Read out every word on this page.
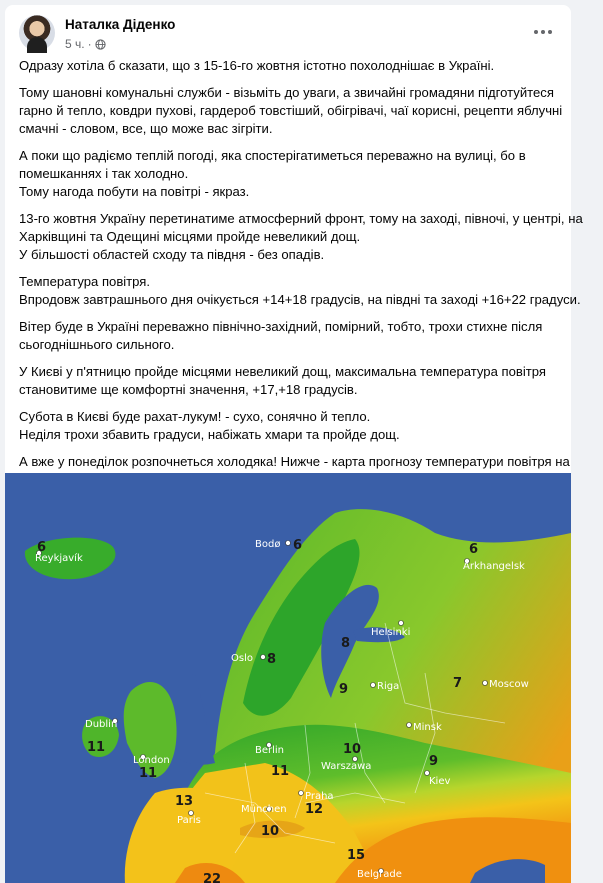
Наталка Діденко
5 ч. ·

Одразу хотіла б сказати, що з 15-16-го жовтня істотно похолоднішає в Україні.

Тому шановні комунальні служби - візьміть до уваги, а звичайні громадяни підготуйтеся
гарно й тепло, ковдри пухові, гардероб товстіший, обігрівачі, чаї корисні, рецепти яблучні
смачні - словом, все, що може вас зігріти.

А поки що радіємо теплій погоді, яка спостерігатиметься переважно на вулиці, бо в
помешканнях і так холодно.
Тому нагода побути на повітрі - якраз.

13-го жовтня Україну перетинатиме атмосферний фронт, тому на заході, півночі, у центрі, на
Харківщині та Одещині місцями пройде невеликий дощ.
У більшості областей сходу та півдня - без опадів.

Температура повітря.
Впродовж завтрашнього дня очікується +14+18 градусів, на півдні та заході +16+22 градуси.

Вітер буде в Україні переважно північно-західний, помірний, тобто, трохи стихне після
сьогоднішнього сильного.

У Києві у п'ятницю пройде місцями невеликий дощ, максимальна температура повітря
становитиме ще комфортні значення, +17,+18 градусів.

Субота в Києві буде рахат-лукум! - сухо, сонячно й тепло.
Неділя трохи збавить градуси, набіжать хмари та пройде дощ.

А вже у понеділок розпочнеться холодяка! Нижче - карта прогнозу температури повітря на

Reykjavík
6	Bodø 6
Arkhangelsk
6
Helsinki
8
Oslo 8
Riga
9	Moscow
7
Dublin
11
Minsk
Berlin
11	Warszawa
10
London
11
Kiev
9
Praha
Paris
13
München 12
10
Belgrade
15
22
